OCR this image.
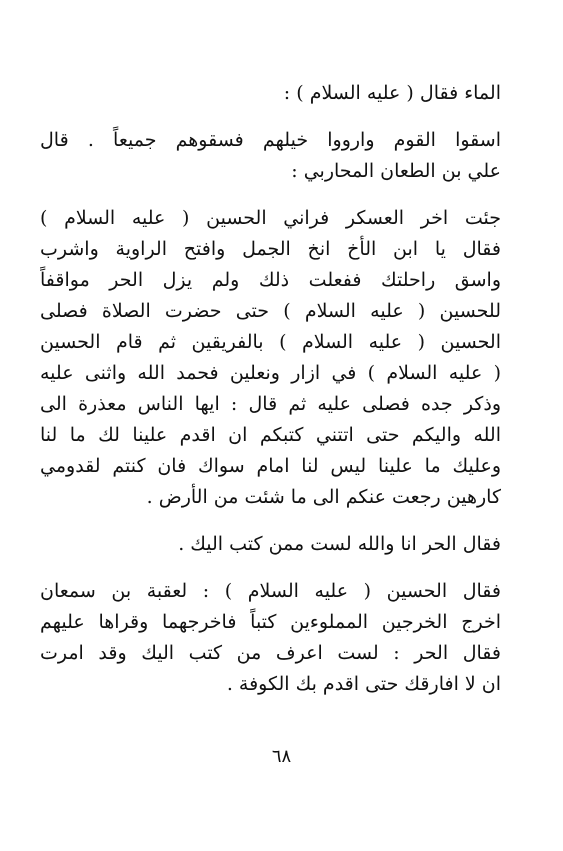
الماء فقال ( عليه السلام ) :
اسقوا القوم وارووا خيلهم فسقوهم جميعاً . قال
علي بن الطعان المحاربي :
جئت اخر العسكر فراني الحسين ( عليه السلام )
فقال يا ابن الأخ انخ الجمل وافتح الراوية واشرب
واسق راحلتك ففعلت ذلك ولم يزل الحر مواقفاً
للحسين ( عليه السلام ) حتى حضرت الصلاة فصلى
الحسين ( عليه السلام ) بالفريقين ثم قام الحسين
( عليه السلام ) في ازار ونعلين فحمد الله واثنى عليه
وذكر جده فصلى عليه ثم قال : ايها الناس معذرة الى
الله واليكم حتى اتتني كتبكم ان اقدم علينا لك ما لنا
وعليك ما علينا ليس لنا امام سواك فان كنتم لقدومي
كارهين رجعت عنكم الى ما شئت من الأرض .
فقال الحر انا والله لست ممن كتب اليك .
فقال الحسين ( عليه السلام ) : لعقبة بن سمعان
اخرج الخرجين المملوءين كتباً فاخرجهما وقراها عليهم
فقال الحر : لست اعرف من كتب اليك وقد امرت
ان لا افارقك حتى اقدم بك الكوفة .
٦٨
